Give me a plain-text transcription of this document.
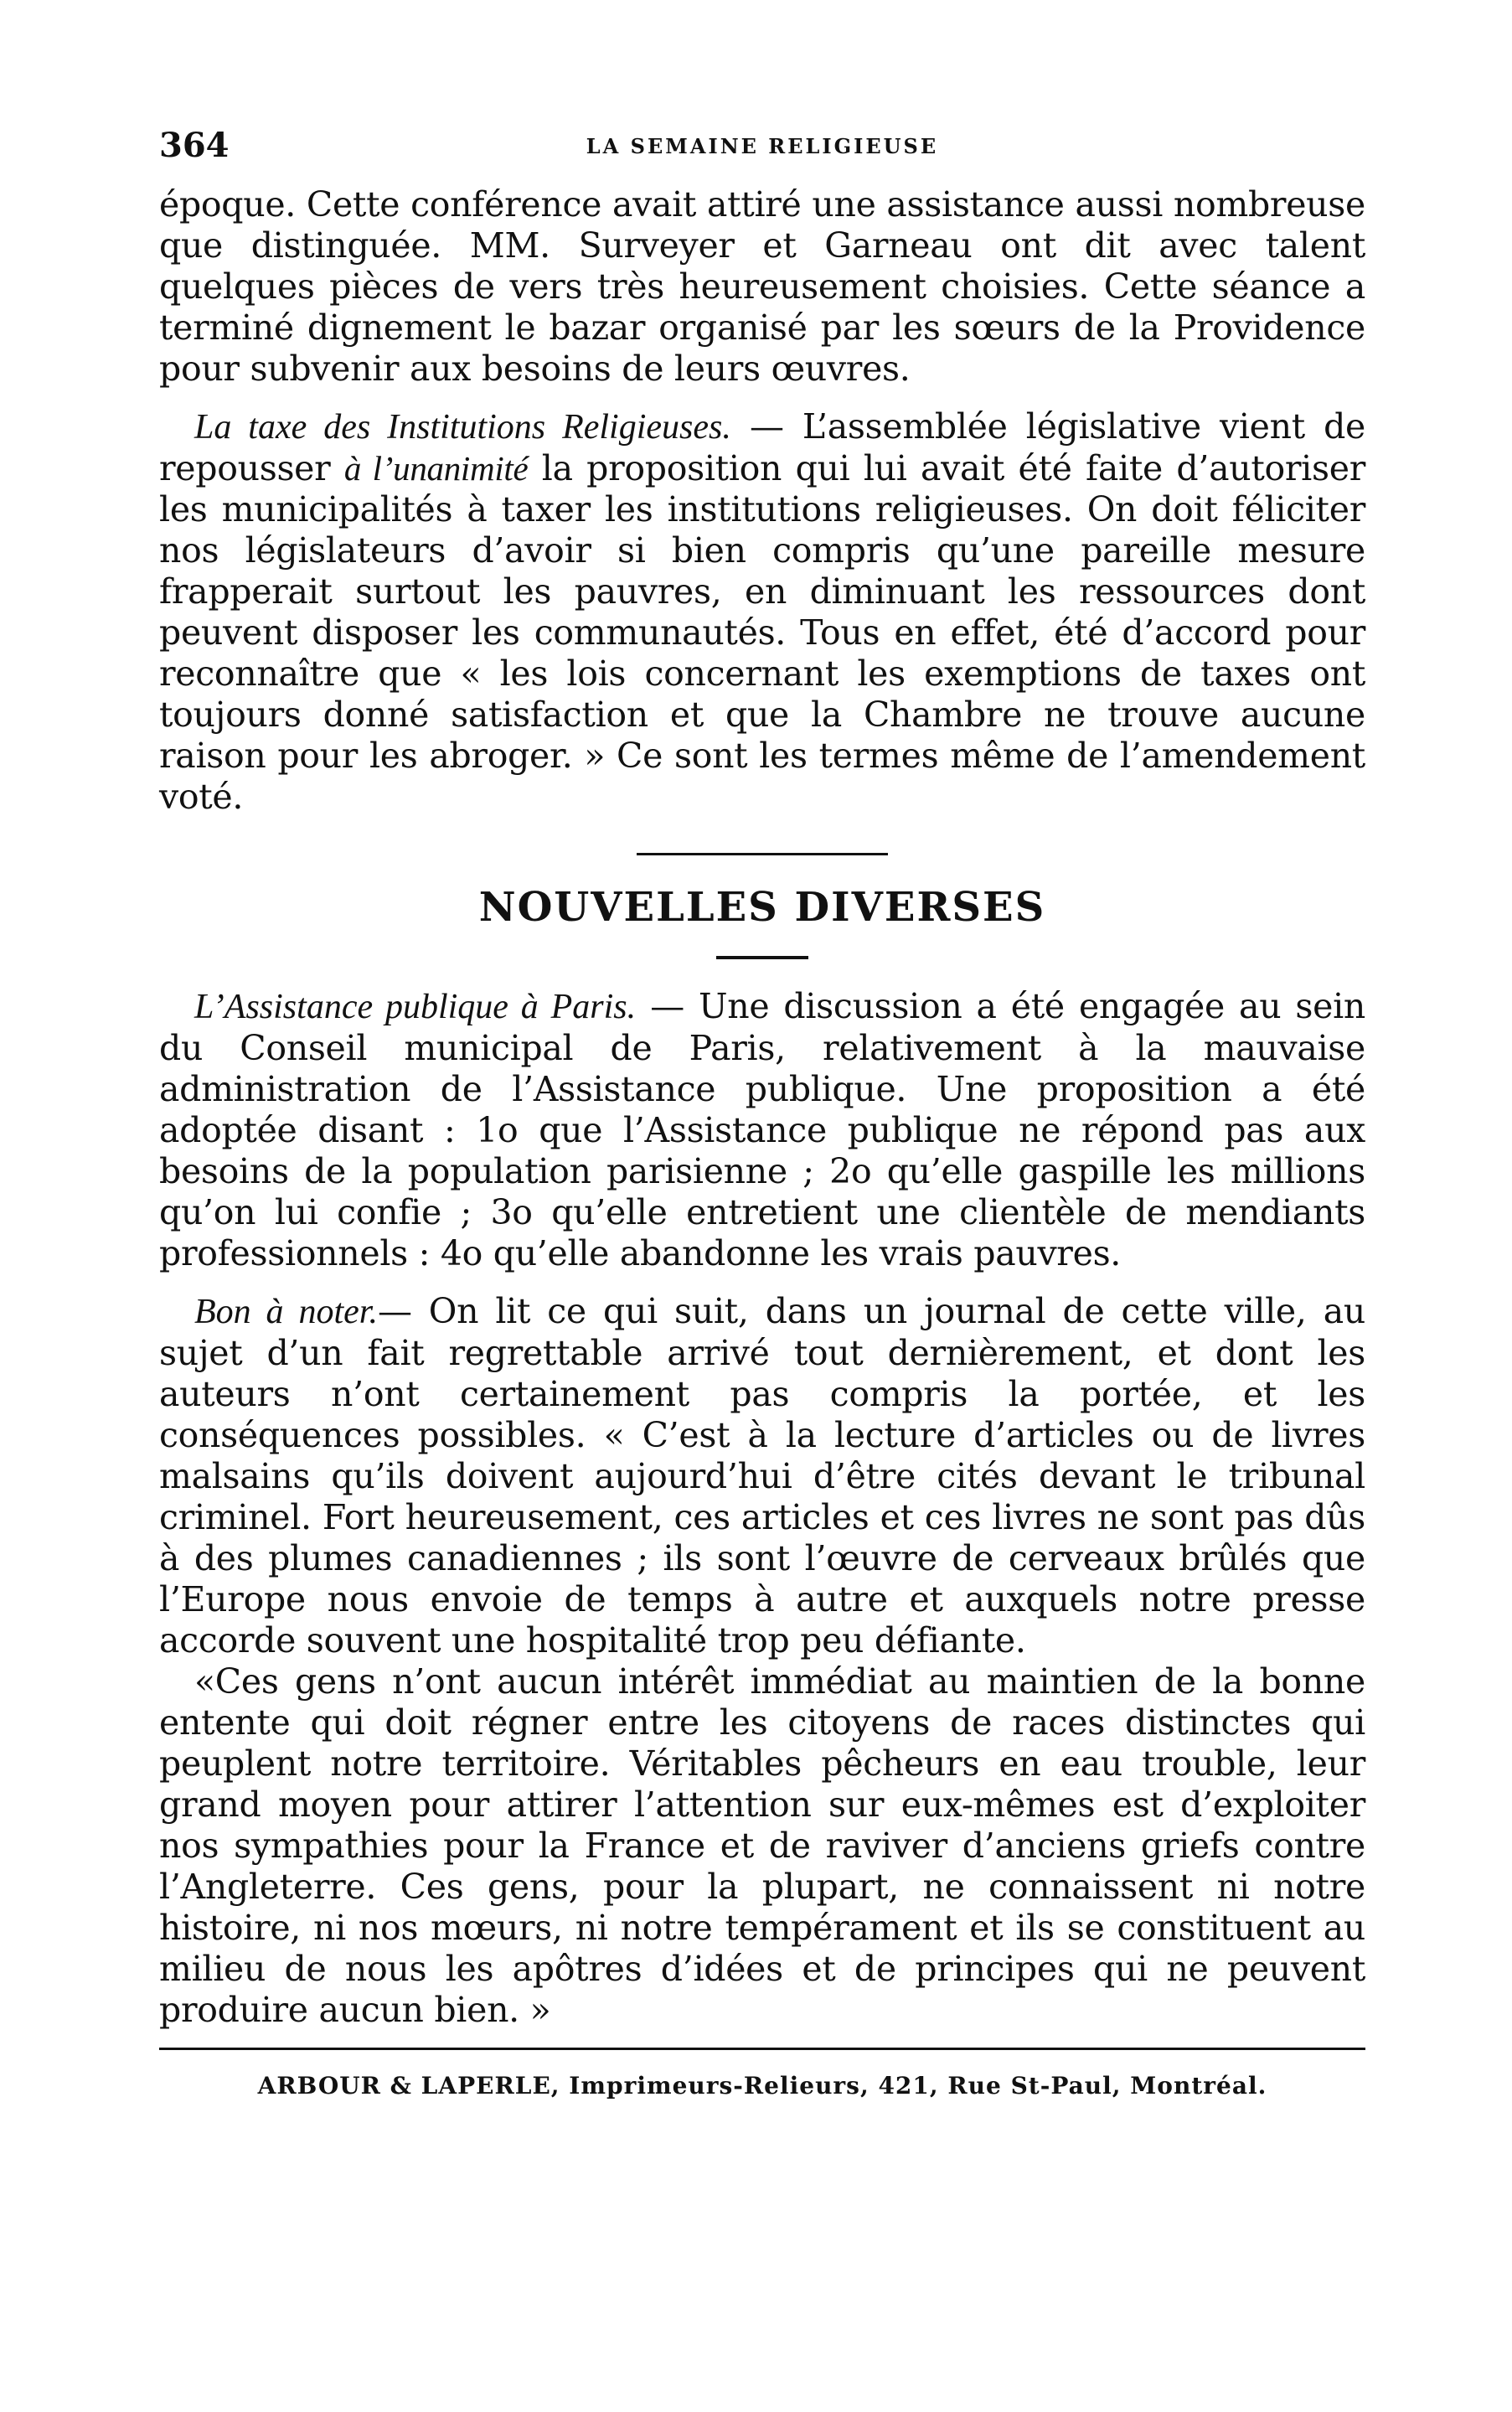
364	LA SEMAINE RELIGIEUSE

époque. Cette conférence avait attiré une assistance aussi nombreuse que distinguée. MM. Surveyer et Garneau ont dit avec talent quelques pièces de vers très heureusement choisies. Cette séance a terminé dignement le bazar organisé par les sœurs de la Providence pour subvenir aux besoins de leurs œuvres.

La taxe des Institutions Religieuses. — L’assemblée législative vient de repousser à l’unanimité la proposition qui lui avait été faite d’autoriser les municipalités à taxer les institutions religieuses. On doit féliciter nos législateurs d’avoir si bien compris qu’une pareille mesure frapperait surtout les pauvres, en diminuant les ressources dont peuvent disposer les communautés. Tous en effet, été d’accord pour reconnaître que « les lois concernant les exemptions de taxes ont toujours donné satisfaction et que la Chambre ne trouve aucune raison pour les abroger. » Ce sont les termes même de l’amendement voté.

NOUVELLES DIVERSES

L’Assistance publique à Paris. — Une discussion a été engagée au sein du Conseil municipal de Paris, relativement à la mauvaise administration de l’Assistance publique. Une proposition a été adoptée disant : 1o que l’Assistance publique ne répond pas aux besoins de la population parisienne ; 2o qu’elle gaspille les millions qu’on lui confie ; 3o qu’elle entretient une clientèle de mendiants professionnels : 4o qu’elle abandonne les vrais pauvres.

Bon à noter.— On lit ce qui suit, dans un journal de cette ville, au sujet d’un fait regrettable arrivé tout dernièrement, et dont les auteurs n’ont certainement pas compris la portée, et les conséquences possibles. « C’est à la lecture d’articles ou de livres malsains qu’ils doivent aujourd’hui d’être cités devant le tribunal criminel. Fort heureusement, ces articles et ces livres ne sont pas dûs à des plumes canadiennes ; ils sont l’œuvre de cerveaux brûlés que l’Europe nous envoie de temps à autre et auxquels notre presse accorde souvent une hospitalité trop peu défiante.

«Ces gens n’ont aucun intérêt immédiat au maintien de la bonne entente qui doit régner entre les citoyens de races distinctes qui peuplent notre territoire. Véritables pêcheurs en eau trouble, leur grand moyen pour attirer l’attention sur eux-mêmes est d’exploiter nos sympathies pour la France et de raviver d’anciens griefs contre l’Angleterre. Ces gens, pour la plupart, ne connaissent ni notre histoire, ni nos mœurs, ni notre tempérament et ils se constituent au milieu de nous les apôtres d’idées et de principes qui ne peuvent produire aucun bien. »

ARBOUR & LAPERLE, Imprimeurs-Relieurs, 421, Rue St-Paul, Montréal.
